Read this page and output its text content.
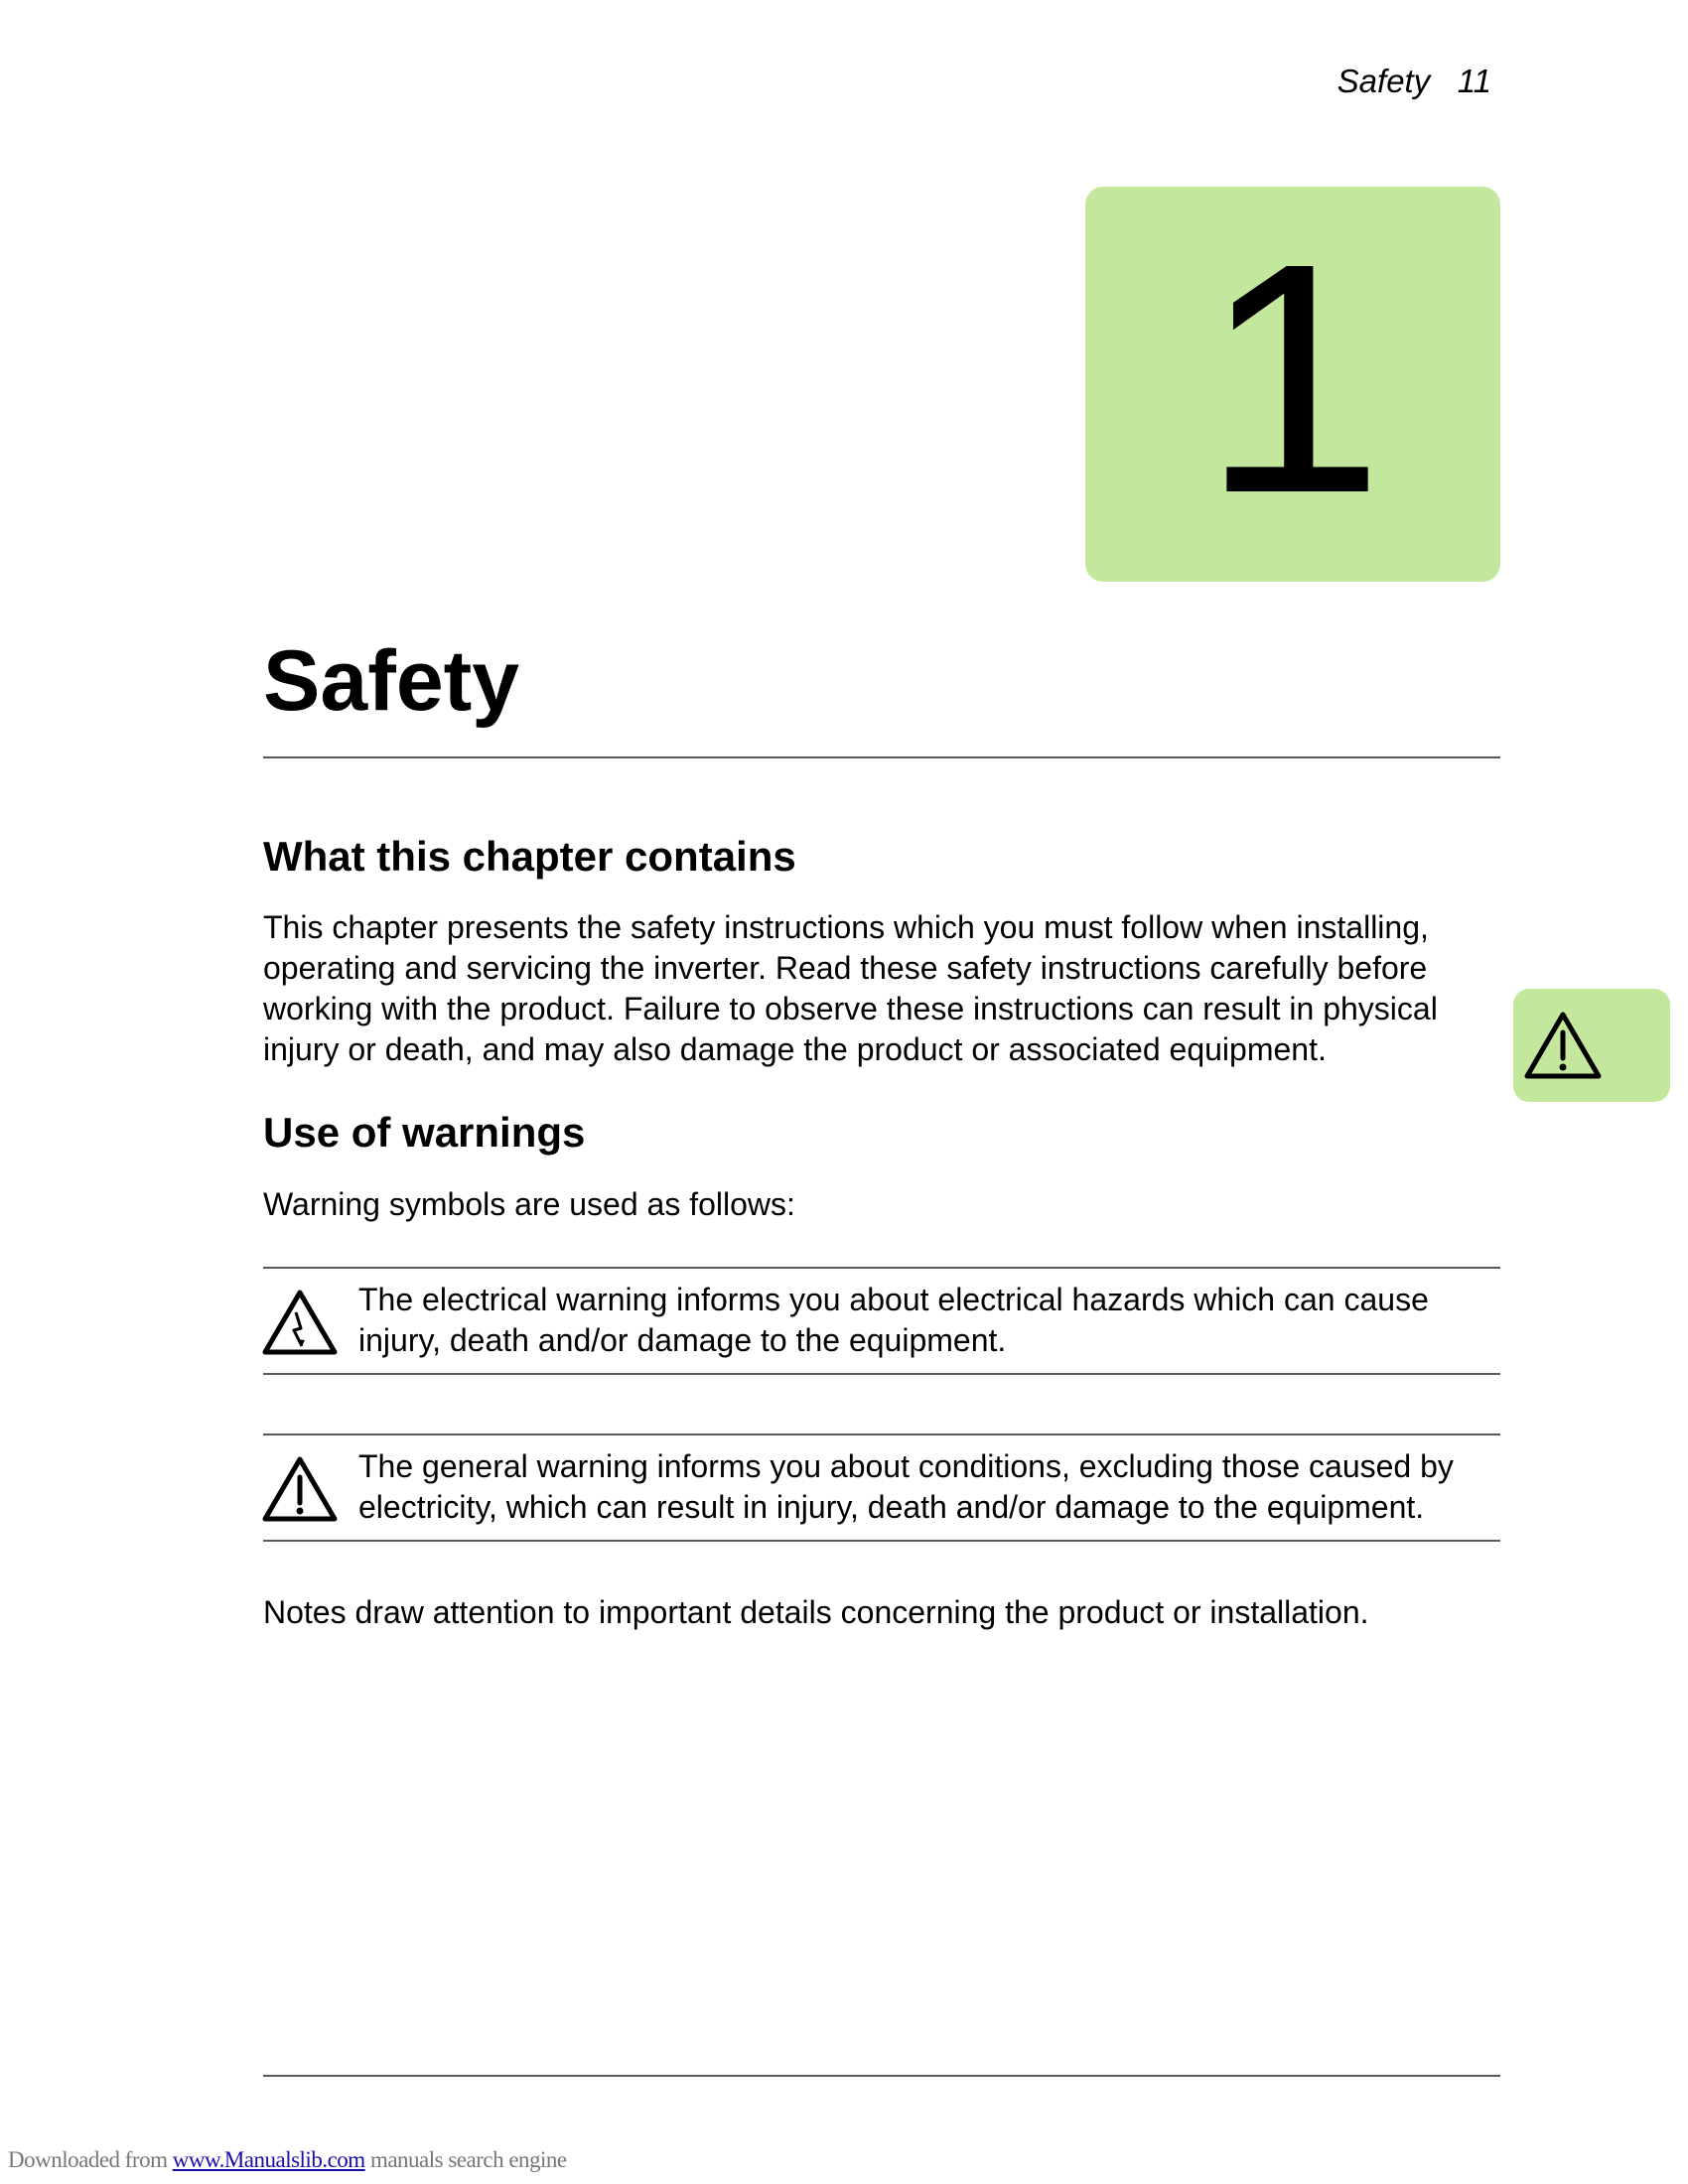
Safety 11
1
Safety
What this chapter contains

This chapter presents the safety instructions which you must follow when installing, operating and servicing the inverter. Read these safety instructions carefully before working with the product. Failure to observe these instructions can result in physical injury or death, and may also damage the product or associated equipment.

Use of warnings

Warning symbols are used as follows:

The electrical warning informs you about electrical hazards which can cause injury, death and/or damage to the equipment.

The general warning informs you about conditions, excluding those caused by electricity, which can result in injury, death and/or damage to the equipment.

Notes draw attention to important details concerning the product or installation.

Downloaded from www.Manualslib.com manuals search engine
